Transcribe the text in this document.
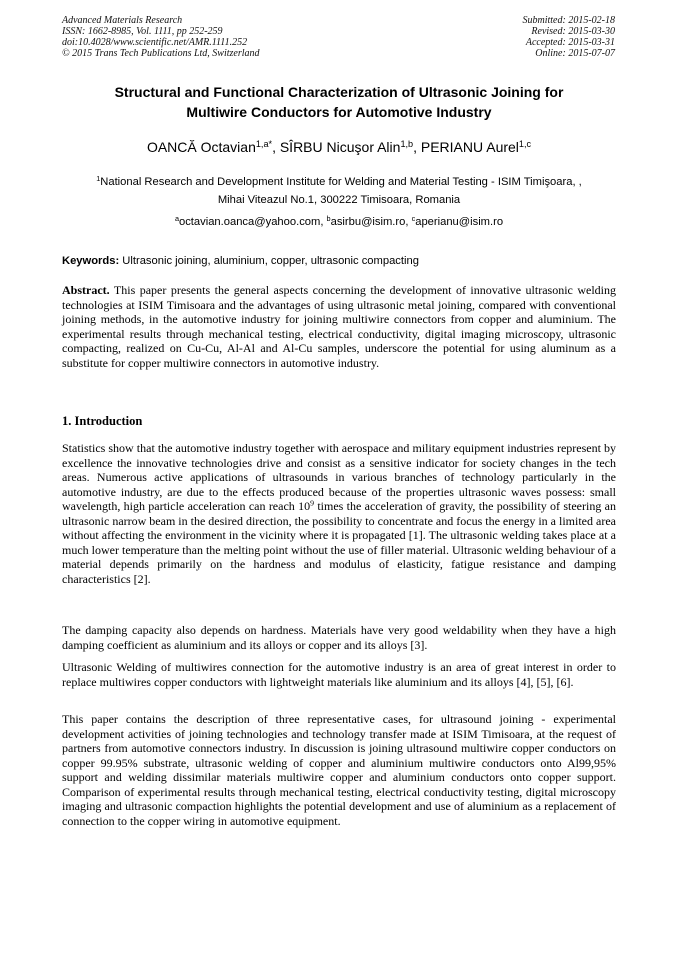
Advanced Materials Research
ISSN: 1662-8985, Vol. 1111, pp 252-259
doi:10.4028/www.scientific.net/AMR.1111.252
© 2015 Trans Tech Publications Ltd, Switzerland
Submitted: 2015-02-18
Revised: 2015-03-30
Accepted: 2015-03-31
Online: 2015-07-07
Structural and Functional Characterization of Ultrasonic Joining for
Multiwire Conductors for Automotive Industry
OANCĂ Octavian$^{1,a*}$, SÎRBU Nicuşor Alin$^{1,b}$, PERIANU Aurel$^{1,c}$
$^1$National Research and Development Institute for Welding and Material Testing - ISIM Timişoara, ,
Mihai Viteazul No.1, 300222 Timisoara, Romania
$^a$octavian.oanca@yahoo.com, $^b$asirbu@isim.ro, $^c$aperianu@isim.ro
Keywords: Ultrasonic joining, aluminium, copper, ultrasonic compacting
Abstract. This paper presents the general aspects concerning the development of innovative ultrasonic welding technologies at ISIM Timisoara and the advantages of using ultrasonic metal joining, compared with conventional joining methods, in the automotive industry for joining multiwire connectors from copper and aluminium. The experimental results through mechanical testing, electrical conductivity, digital imaging microscopy, ultrasonic compacting, realized on Cu-Cu, Al-Al and Al-Cu samples, underscore the potential for using aluminum as a substitute for copper multiwire connectors in automotive industry.
1. Introduction
Statistics show that the automotive industry together with aerospace and military equipment industries represent by excellence the innovative technologies drive and consist as a sensitive indicator for society changes in the tech areas. Numerous active applications of ultrasounds in various branches of technology particularly in the automotive industry, are due to the effects produced because of the properties ultrasonic waves possess: small wavelength, high particle acceleration can reach $10^9$ times the acceleration of gravity, the possibility of steering an ultrasonic narrow beam in the desired direction, the possibility to concentrate and focus the energy in a limited area without affecting the environment in the vicinity where it is propagated [1]. The ultrasonic welding takes place at a much lower temperature than the melting point without the use of filler material. Ultrasonic welding behaviour of a material depends primarily on the hardness and modulus of elasticity, fatigue resistance and damping characteristics [2].
The damping capacity also depends on hardness. Materials have very good weldability when they have a high damping coefficient as aluminium and its alloys or copper and its alloys [3].
Ultrasonic Welding of multiwires connection for the automotive industry is an area of great interest in order to replace multiwires copper conductors with lightweight materials like aluminium and its alloys [4], [5], [6].
This paper contains the description of three representative cases, for ultrasound joining - experimental development activities of joining technologies and technology transfer made at ISIM Timisoara, at the request of partners from automotive connectors industry. In discussion is joining ultrasound multiwire copper conductors on copper 99.95% substrate, ultrasonic welding of copper and aluminium multiwire conductors onto Al99,95% support and welding dissimilar materials multiwire copper and aluminium conductors onto copper support. Comparison of experimental results through mechanical testing, electrical conductivity testing, digital microscopy imaging and ultrasonic compaction highlights the potential development and use of aluminium as a replacement of connection to the copper wiring in automotive equipment.
